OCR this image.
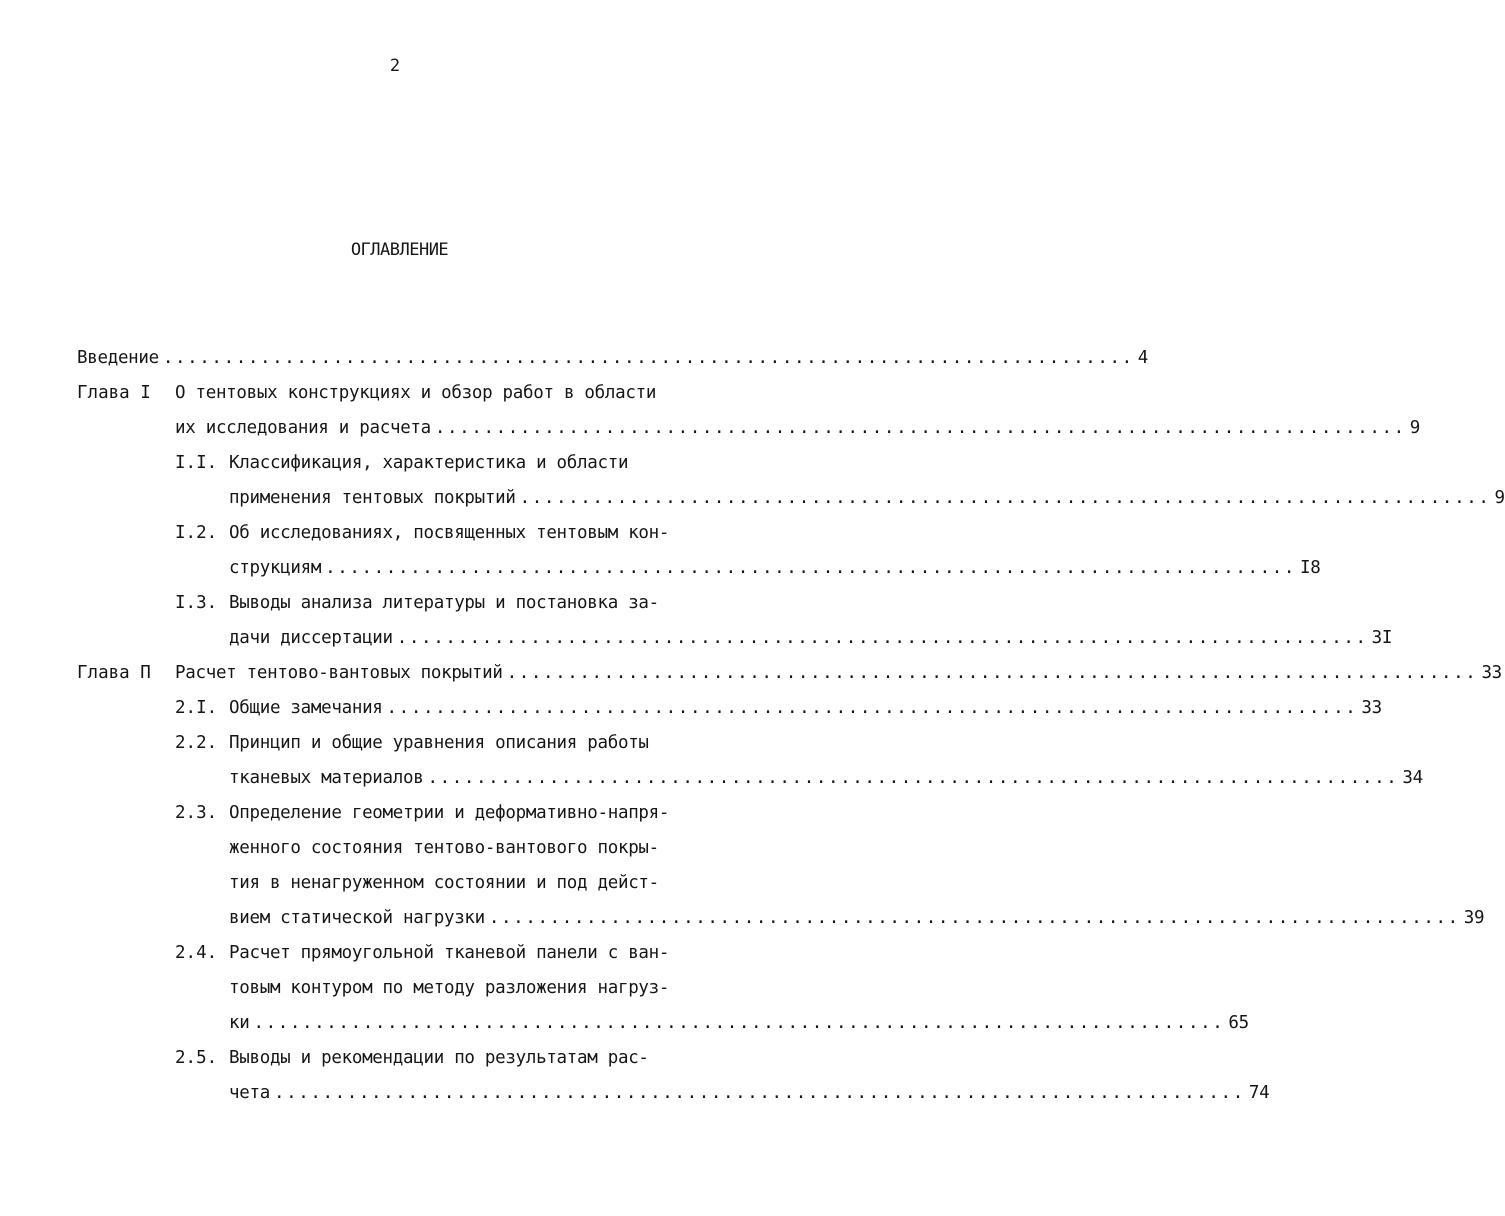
2
ОГЛАВЛЕНИЕ
Введение ................................................................................ 4
Глава I О тентовых конструкциях и обзор работ в области
их исследования и расчета ................................................................................ 9
I.I. Классификация, характеристика и области
применения тентовых покрытий ................................................................................ 9
I.2. Об исследованиях, посвященных тентовым кон-
струкциям ................................................................................ I8
I.3. Выводы анализа литературы и постановка за-
дачи диссертации ................................................................................ 3I
Глава П Расчет тентово-вантовых покрытий ................................................................................ 33
2.I. Общие замечания ................................................................................ 33
2.2. Принцип и общие уравнения описания работы
тканевых материалов ................................................................................ 34
2.3. Определение геометрии и деформативно-напря-
женного состояния тентово-вантового покры-
тия в ненагруженном состоянии и под дейст-
вием статической нагрузки ................................................................................ 39
2.4. Расчет прямоугольной тканевой панели с ван-
товым контуром по методу разложения нагруз-
ки ................................................................................ 65
2.5. Выводы и рекомендации по результатам рас-
чета ................................................................................ 74
